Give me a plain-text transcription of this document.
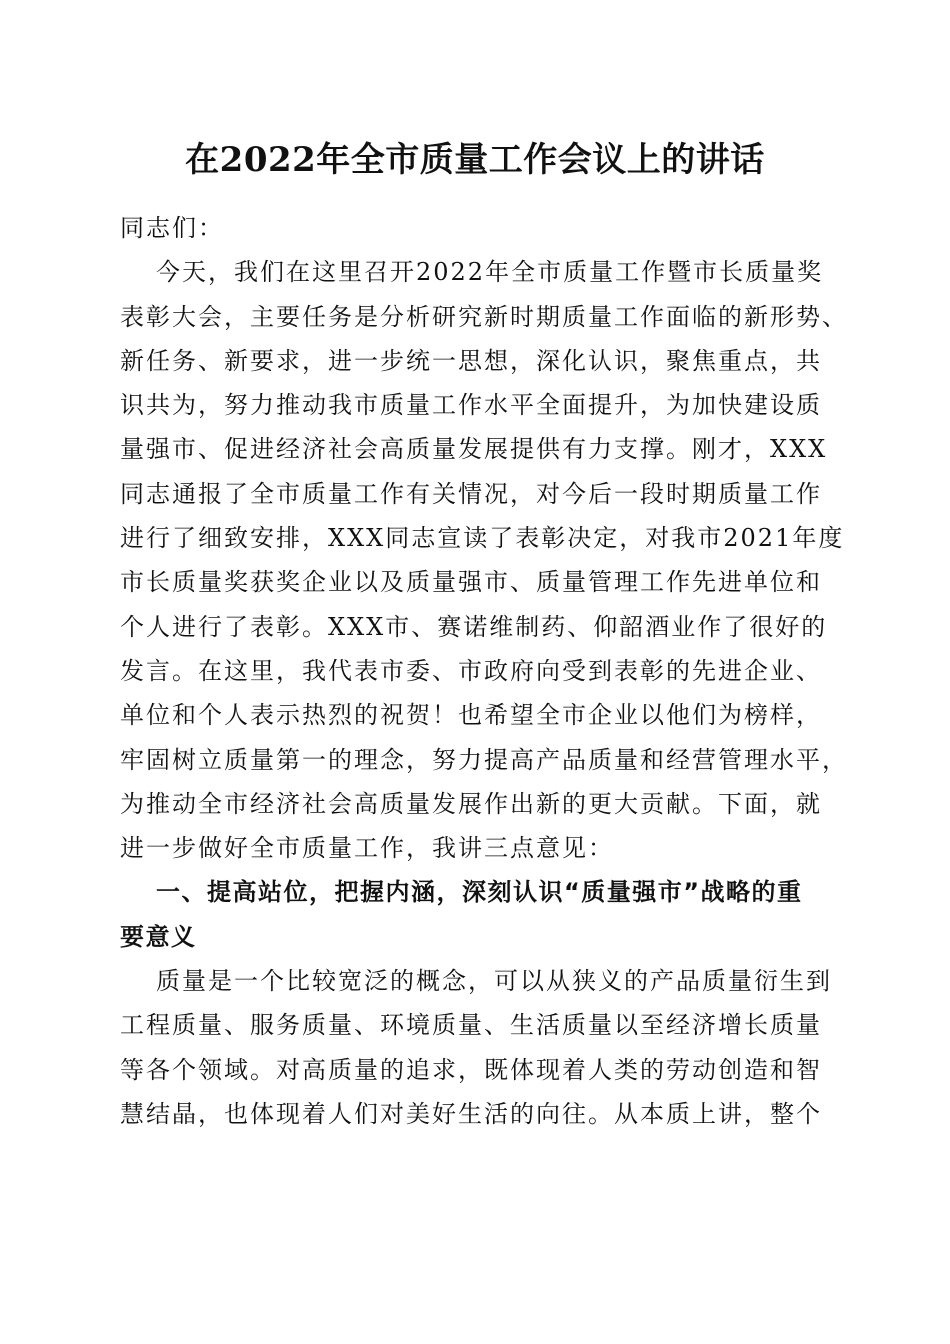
在2022年全市质量工作会议上的讲话
同志们：
今天，我们在这里召开2022年全市质量工作暨市长质量奖
表彰大会，主要任务是分析研究新时期质量工作面临的新形势、
新任务、新要求，进一步统一思想，深化认识，聚焦重点，共
识共为，努力推动我市质量工作水平全面提升，为加快建设质
量强市、促进经济社会高质量发展提供有力支撑。刚才，XXX
同志通报了全市质量工作有关情况，对今后一段时期质量工作
进行了细致安排，XXX同志宣读了表彰决定，对我市2021年度
市长质量奖获奖企业以及质量强市、质量管理工作先进单位和
个人进行了表彰。XXX市、赛诺维制药、仰韶酒业作了很好的
发言。在这里，我代表市委、市政府向受到表彰的先进企业、
单位和个人表示热烈的祝贺！也希望全市企业以他们为榜样，
牢固树立质量第一的理念，努力提高产品质量和经营管理水平，
为推动全市经济社会高质量发展作出新的更大贡献。下面，就
进一步做好全市质量工作，我讲三点意见：
一、提高站位，把握内涵，深刻认识“质量强市”战略的重
要意义
质量是一个比较宽泛的概念，可以从狭义的产品质量衍生到
工程质量、服务质量、环境质量、生活质量以至经济增长质量
等各个领域。对高质量的追求，既体现着人类的劳动创造和智
慧结晶，也体现着人们对美好生活的向往。从本质上讲，整个
